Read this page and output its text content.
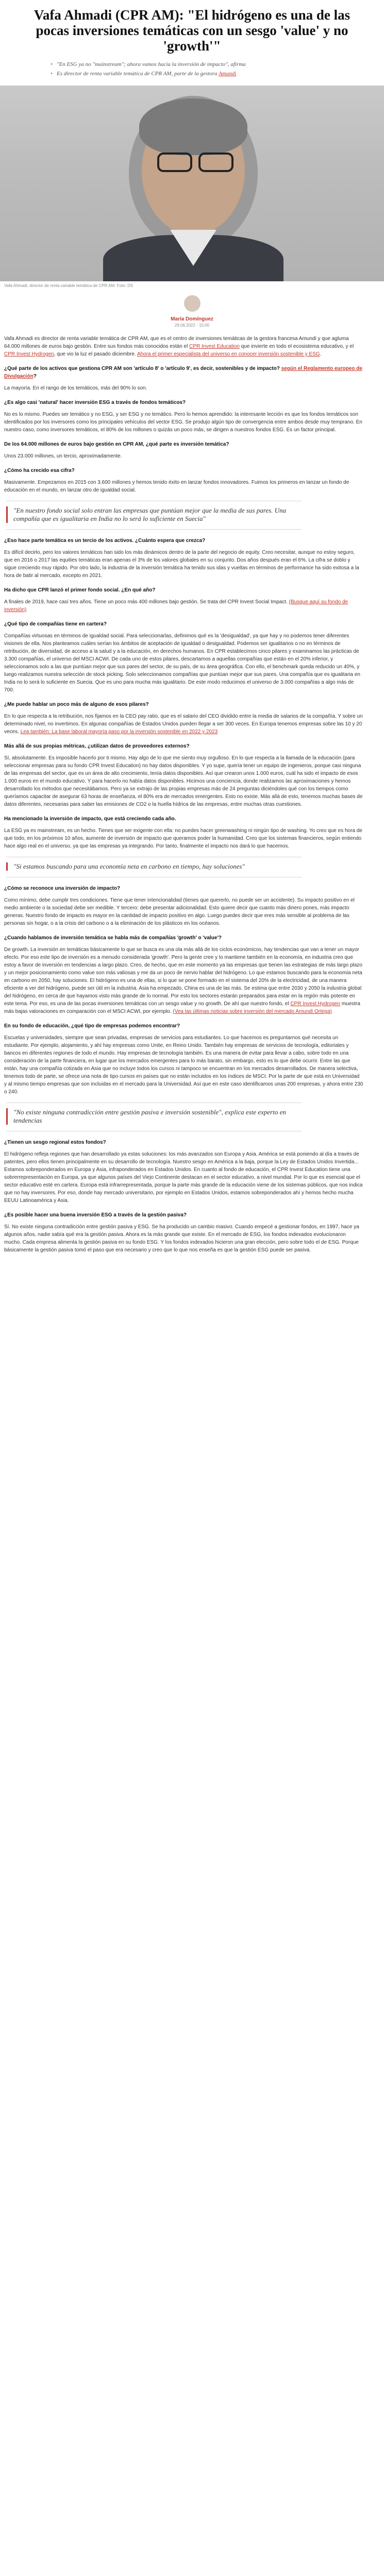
Vafa Ahmadi (CPR AM): "El hidrógeno es una de las pocas inversiones temáticas con un sesgo 'value' y no 'growth'"
• "En ESG ya no "mainstream"; ahora vamos hacia la inversión de impacto", afirma
• Es director de renta variable temática de CPR AM, parte de la gestora Amundi
Vafa Ahmadi, director de renta variable temática de CPR AM. Foto: DS
María Domínguez
29.06.2022 · 15:00

Vafa Ahmadi es director de renta variable temática de CPR AM, que es el centro de inversiones temáticas de la gestora francesa Amundi y que agluma 64.000 millones de euros bajo gestión. Entre sus fondos más conocidos están el CPR Invest Education que invierte en todo el ecosistema educativo, y el CPR Invest Hydrogen, que vio la luz el pasado diciembre. Ahora el primer especialista del universo en conocer inversión sostenible y ESG.

¿Qué parte de los activos que gestiona CPR AM son 'artículo 8' o 'artículo 9', es decir, sostenibles y de impacto? según el Reglamento europeo de Divulgación?

La mayoría. En el rango de los temáticos, más del 90% lo son.

¿Es algo casi 'natural' hacer inversión ESG a través de fondos temáticos?

No es lo mismo. Puedes ser temático y no ESG, y ser ESG y no temático. Pero lo hemos aprendido: la interesante lección es que los fondos temáticos son identificados por los inversores como los principales vehículos del vector ESG. Se produjo algún tipo de convergencia entre ambos desde muy temprano. En nuestro caso, como inversores temáticos, el 80% de los millones o quizás un poco más, se dirigen a nuestros fondos ESG. Es un factor principal.

De los 64.000 millones de euros bajo gestión en CPR AM, ¿qué parte es inversión temática?

Unos 23.000 millones, un tercio, aproximadamente.

¿Cómo ha crecido esa cifra?

Masivamente. Empezamos en 2015 con 3.600 millones y hemos tenido éxito en lanzar fondos innovadores. Fuimos los primeros en lanzar un fondo de educación en el mundo, en lanzar otro de igualdad social.

"En nuestro fondo social solo entran las empresas que puntúan mejor que la media de sus pares. Una compañía que es igualitaria en India no lo será lo suficiente en Suecia"

¿Eso hace parte temática es un tercio de los activos. ¿Cuánto espera que crezca?

Es difícil decirlo, pero los valores temáticos han sido los más dinámicos dentro de la parte del negocio de equity. Creo necesitar, aunque no estoy seguro, que en 2016 o 2017 las equities temáticas eran apenas el 3% de los valores globales en su conjunto. Dos años después eran el 6%. La cifra se doblo y sigue creciendo muy rápido. Por otro lado, la industria de la inversión temática ha tenido sus idas y vueltas en términos de performance ha sido exitosa a la hora de batir al mercado, excepto en 2021.

Ha dicho que CPR lanzó el primer fondo social. ¿En qué año?

A finales de 2019, hace casi tres años. Tiene un poco más 400 millones bajo gestión. Se trata del CPR Invest Social Impact. (Busque aquí su fondo de inversión)

¿Qué tipo de compañías tiene en cartera?

Compañías virtuosas en términos de igualdad social. Para seleccionarlas, definimos qué es la 'desigualdad', ya que hay y no podemos tener diferentes visiones de ella. Nos planteamos cuáles serían los ámbitos de aceptación de igualdad o desigualdad. Podemos ser igualitarios o no en términos de retribución, de diversidad, de acceso a la salud y a la educación, en derechos humanos. En CPR establecimos cinco pilares y examinamos las prácticas de 3.300 compañías, el universo del MSCI ACWI. De cada uno de estos pilares, descartamos a aquellas compañías que están en el 20% inferior, y seleccionamos solo a las que puntúan mejor que sus pares del sector, de su país, de su área geográfica. Con ello, el benchmark queda reducido un 40%, y luego realizamos nuestra selección de stock picking. Solo seleccionamos compañías que puntúan mejor que sus pares. Una compañía que es igualitaria en India no lo será lo suficiente en Suecia. Que es uno para mucha más igualitario. De este modo reducimos el universo de 3.000 compañías a algo más de 700.

¿Me puede hablar un poco más de alguno de esos pilares?

En lo que respecta a la retribución, nos fijamos en la CEO pay ratio, que es el salario del CEO dividido entre la media de salarios de la compañía. Y sobre un determinado nivel, no invertimos. En algunas compañías de Estados Unidos pueden llegar a ser 300 veces. En Europa tenemos empresas sobre las 10 y 20 veces. Lea también: La base laboral mayoría paso por la inversión sostenible en 2022 y 2023

Más allá de sus propias métricas, ¿utilizan datos de proveedores externos?

Sí, absolutamente. Es imposible hacerlo por ti mismo. Hay algo de lo que me siento muy orgulloso. En lo que respecta a la llamada de la educación (para seleccionar empresas para su fondo CPR Invest Education) no hay datos disponibles. Y yo supe, quería tener un equipo de ingenieros, porque casi ninguna de las empresas del sector, que es un área de alto crecimiento, tenía datos disponibles. Así que crearon unos 1.000 euros, cuál ha sido el impacto de esos 1.000 euros en el mundo educativo. Y para hacerlo no había datos disponibles. Hicimos una conciencia, donde realizamos las aproximaciones y hemos desarrollado los métodos que necesitábamos. Pero ya se extrajo de las propias empresas más de 24 preguntas diciéndoles qué con los tiempos como queríamos capacitar de asegurar 63 horas de enseñanza, el 80% era de mercados emergentes. Esto no existe. Más allá de esto, tenemos muchas bases de datos diferentes, necesarias para saber las emisiones de CO2 o la huella hídrica de las empresas, entre muchas otras cuestiones.

Ha mencionado la inversión de impacto, que está creciendo cada año.

La ESG ya es mainstream, es un hecho. Tienes que ser exigente con ella: no puedes hacer greenwashing ni ningún tipo de washing. Yo creo que es hora de que todo, en los próximos 10 años, aumente de inversión de impacto que queramos poder la humanidad. Creo que los sistemas financieros, según entiendo hace algo real en el universo, ya que las empresas ya integrando. Por tanto, finalmente el impacto nos dará lo que hacemos.

"Si estamos buscando para una economía neta en carbono en tiempo, hay soluciones"

¿Cómo se reconoce una inversión de impacto?

Como mínimo, debe cumplir tres condiciones. Tiene que tener intencionalidad (tienes que quererlo, no puede ser un accidente). Su impacto positivo en el medio ambiente o la sociedad debe ser medible. Y tercero: debe presentar adicionalidad. Esto quiere decir que cuanto más dinero pones, más impacto generas. Nuestro fondo de impacto es mayor en la cantidad de impacto positivo en algo. Luego puedes decir que eres más sensible al problema de las personas sin hogar, o a la crisis del carbono o a la eliminación de los plásticos en los océanos.

¿Cuando hablamos de inversión temática se habla más de compañías 'growth' o 'value'?

De growth. La inversión en temáticas básicamente lo que se busca es una ola más allá de los ciclos económicos, hay tendencias que van a tener un mayor efecto. Por eso este tipo de inversión es a menudo considerada 'growth'. Pero la gente cree y lo mantiene también en la economía, en industria creo que estoy a favor de inversión en tendencias a largo plazo. Creo, de hecho, que en este momento ya las empresas que tienen las estrategias de más largo plazo y un mejor posicionamiento como value son más valiosas y me da un poco de nervio hablar del hidrógeno. Lo que estamos buscando para la economía neta en carbono en 2050, hay soluciones. El hidrógeno es una de ellas, si lo que se pone formado en el sistema del 20% de la electricidad, de una manera eficiente a ver del hidrógeno, puede ser útil en la industria. Asia ha empezado, China es una de las más. Se estima que entre 2030 y 2050 la industria global del hidrógeno, en cerca de que hayamos visto más grande de lo normal. Por esto los sectores estarán preparados para estar en la región más potente en este tema. Por eso, es una de las pocas inversiones temáticas con un sesgo value y no growth. De ahí que nuestro fondo, el CPR Invest Hydrogen muestra más bajas valoraciones en comparación con el MSCI ACWI, por ejemplo. (Vea las últimas noticias sobre inversión del mercado Amundi Ortega)

En su fondo de educación, ¿qué tipo de empresas podemos encontrar?

Escuelas y universidades, siempre que sean privadas, empresas de servicios para estudiantes. Lo que hacemos es preguntarnos qué necesita un estudiante. Por ejemplo, alojamiento, y ahí hay empresas como Unite, en Reino Unido. También hay empresas de servicios de tecnología, editoriales y bancos en diferentes regiones de todo el mundo. Hay empresas de tecnología también. Es una manera de evitar para llevar a cabo, sobre todo en una consideración de la parte financiera, en lugar que los mercados emergentes para lo más barato, sin embargo, esto es lo que debe ocurrir. Entre las que están, hay una compañía cotizada en Asia que no incluye todos los cursos ni tampoco se encuentran en los mercados desarrollados. De manera selectiva, tenemos todo de parte, se ofrece una nota de tipo cursos en países que no están incluidos en los índices de MSCI. Por la parte de que está en Universidad y al mismo tiempo empresas que son incluidas en el mercado para la Universidad. Así que en este caso identificamos unas 200 empresas, y ahora entre 230 o 240.

"No existe ninguna contradicción entre gestión pasiva e inversión sostenible", explica este experto en tendencias

¿Tienen un sesgo regional estos fondos?

El hidrógeno refleja regiones que han desarrollado ya estas soluciones: los más avanzados son Europa y Asia. América se está poniendo al día a través de patentes, pero ellos tienen principalmente en su desarrollo de tecnología. Nuestro sesgo en América a la baja, porque la Ley de Estados Unidos Invertida... Estamos sobreponderados en Europa y Asia, infraponderados en Estados Unidos. En cuanto al fondo de educación, el CPR Invest Education tiene una sobrerrepresentación en Europa, ya que algunos países del Viejo Continente destacan en el sector educativo, a nivel mundial. Por lo que es esencial que el sector educativo esté en cartera. Europa está infrarrepresentada, porque la parte más grande de la educación viene de los sistemas públicos, que nos indica que no hay inversores. Por eso, donde hay mercado universitario, por ejemplo en Estados Unidos, estamos sobreponderados ahí y hemos hecho mucha EEUU Latinoamérica y Asia.

¿Es posible hacer una buena inversión ESG a través de la gestión pasiva?

Sí. No existe ninguna contradicción entre gestión pasiva y ESG. Se ha producido un cambio masivo. Cuando empecé a gestionar fondos, en 1997, hace ya algunos años, nadie sabía qué era la gestión pasiva. Ahora es la más grande que existe. En el mercado de ESG, los fondos indexados evolucionaron mucho. Cada empresa alimenta la gestión pasiva en su fondo ESG. Y los fondos indexados hicieron una gran elección, pero sobre todo el de ESG. Porque básicamente la gestión pasiva tomó el paso que era necesario y creo que lo que nos enseña es que la gestión ESG puede ser pasiva.
